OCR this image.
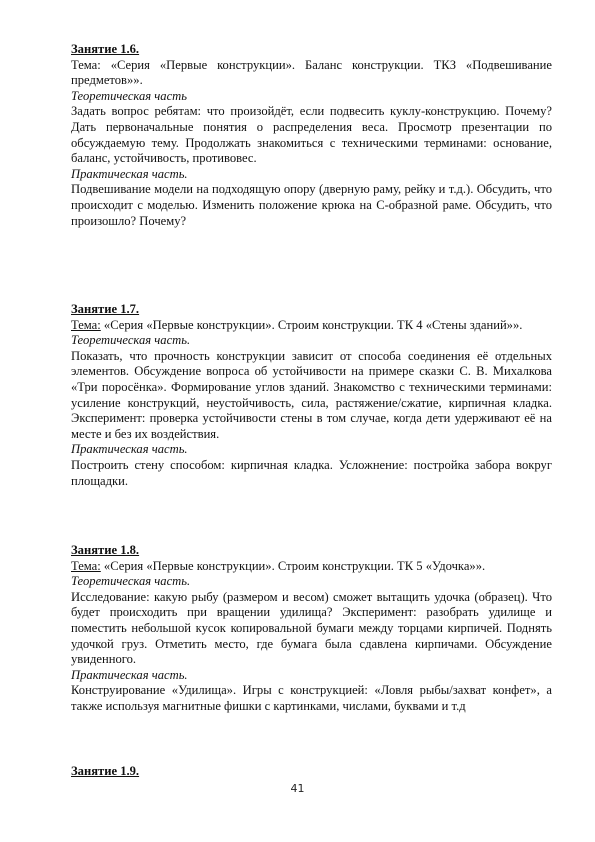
Занятие 1.6.

Тема: «Серия «Первые конструкции». Баланс конструкции. ТКЗ «Подвешивание предметов»».

Теоретическая часть

Задать вопрос ребятам: что произойдёт, если подвесить куклу-конструкцию. Почему? Дать первоначальные понятия о распределения веса. Просмотр презентации по обсуждаемую тему. Продолжать знакомиться с техническими терминами: основание, баланс, устойчивость, противовес.

Практическая часть.

Подвешивание модели на подходящую опору (дверную раму, рейку и т.д.). Обсудить, что происходит с моделью. Изменить положение крюка на С-образной раме. Обсудить, что произошло? Почему?

Занятие 1.7.

Тема: «Серия «Первые конструкции». Строим конструкции. ТК 4 «Стены зданий»».

Теоретическая часть.

Показать, что прочность конструкции зависит от способа соединения её отдельных элементов. Обсуждение вопроса об устойчивости на примере сказки С. В. Михалкова «Три поросёнка». Формирование углов зданий. Знакомство с техническими терминами: усиление конструкций, неустойчивость, сила, растяжение/сжатие, кирпичная кладка. Эксперимент: проверка устойчивости стены в том случае, когда дети удерживают её на месте и без их воздействия.

Практическая часть.

Построить стену способом: кирпичная кладка. Усложнение: постройка забора вокруг площадки.

Занятие 1.8.

Тема: «Серия «Первые конструкции». Строим конструкции. ТК 5 «Удочка»».

Теоретическая часть.

Исследование: какую рыбу (размером и весом) сможет вытащить удочка (образец). Что будет происходить при вращении удилища? Эксперимент: разобрать удилище и поместить небольшой кусок копировальной бумаги между торцами кирпичей. Поднять удочкой груз. Отметить место, где бумага была сдавлена кирпичами. Обсуждение увиденного.

Практическая часть.

Конструирование «Удилища». Игры с конструкцией: «Ловля рыбы/захват конфет», а также используя магнитные фишки с картинками, числами, буквами и т.д

Занятие 1.9.

41
